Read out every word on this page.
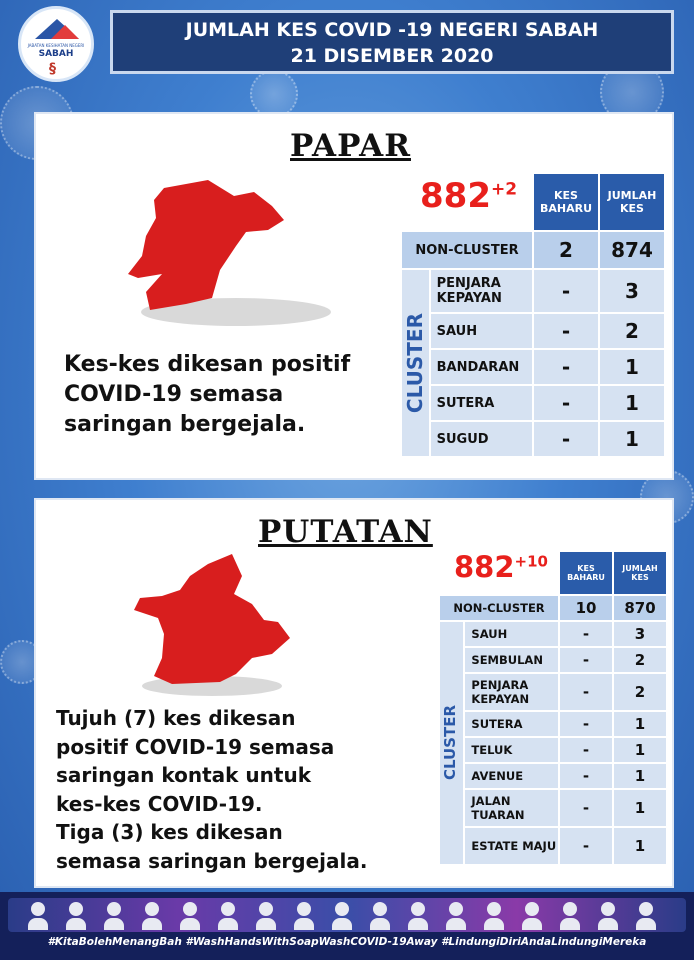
JABATAN KESIHATAN NEGERI
SABAH
§
JUMLAH KES COVID -19 NEGERI SABAH
21 DISEMBER 2020
PAPAR
$882^{+2}$
Kes-kes dikesan positif
COVID-19 semasa
saringan bergejala.
		KES BAHARU	JUMLAH KES
NON-CLUSTER		2	874

CLUSTER	PENJARA KEPAYAN	-	3
	SAUH	-	2
	BANDARAN	-	1
	SUTERA	-	1
	SUGUD	-	1
PUTATAN
$882^{+10}$
Tujuh (7) kes dikesan
positif COVID-19 semasa
saringan kontak untuk
kes-kes COVID-19.
Tiga (3) kes dikesan
semasa saringan bergejala.
		KES BAHARU	JUMLAH KES
NON-CLUSTER		10	870

CLUSTER	SAUH	-	3
	SEMBULAN	-	2
	PENJARA KEPAYAN	-	2
	SUTERA	-	1
	TELUK	-	1
	AVENUE	-	1
	JALAN TUARAN	-	1
	ESTATE MAJU	-	1
#KitaBolehMenangBah #WashHandsWithSoapWashCOVID-19Away #LindungiDiriAndaLindungiMereka
